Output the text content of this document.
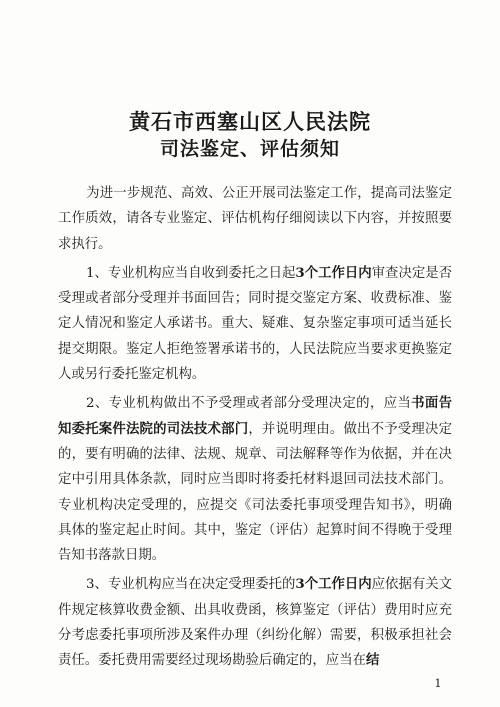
黄石市西塞山区人民法院
司法鉴定、评估须知

为进一步规范、高效、公正开展司法鉴定工作，提高司法鉴定工作质效，请各专业鉴定、评估机构仔细阅读以下内容，并按照要求执行。

1、专业机构应当自收到委托之日起3个工作日内审查决定是否受理或者部分受理并书面回告；同时提交鉴定方案、收费标准、鉴定人情况和鉴定人承诺书。重大、疑难、复杂鉴定事项可适当延长提交期限。鉴定人拒绝签署承诺书的，人民法院应当要求更换鉴定人或另行委托鉴定机构。

2、专业机构做出不予受理或者部分受理决定的，应当书面告知委托案件法院的司法技术部门，并说明理由。做出不予受理决定的，要有明确的法律、法规、规章、司法解释等作为依据，并在决定中引用具体条款，同时应当即时将委托材料退回司法技术部门。专业机构决定受理的，应提交《司法委托事项受理告知书》，明确具体的鉴定起止时间。其中，鉴定（评估）起算时间不得晚于受理告知书落款日期。

3、专业机构应当在决定受理委托的3个工作日内应依据有关文件规定核算收费金额、出具收费函，核算鉴定（评估）费用时应充分考虑委托事项所涉及案件办理（纠纷化解）需要，积极承担社会责任。委托费用需要经过现场勘验后确定的，应当在结

1
